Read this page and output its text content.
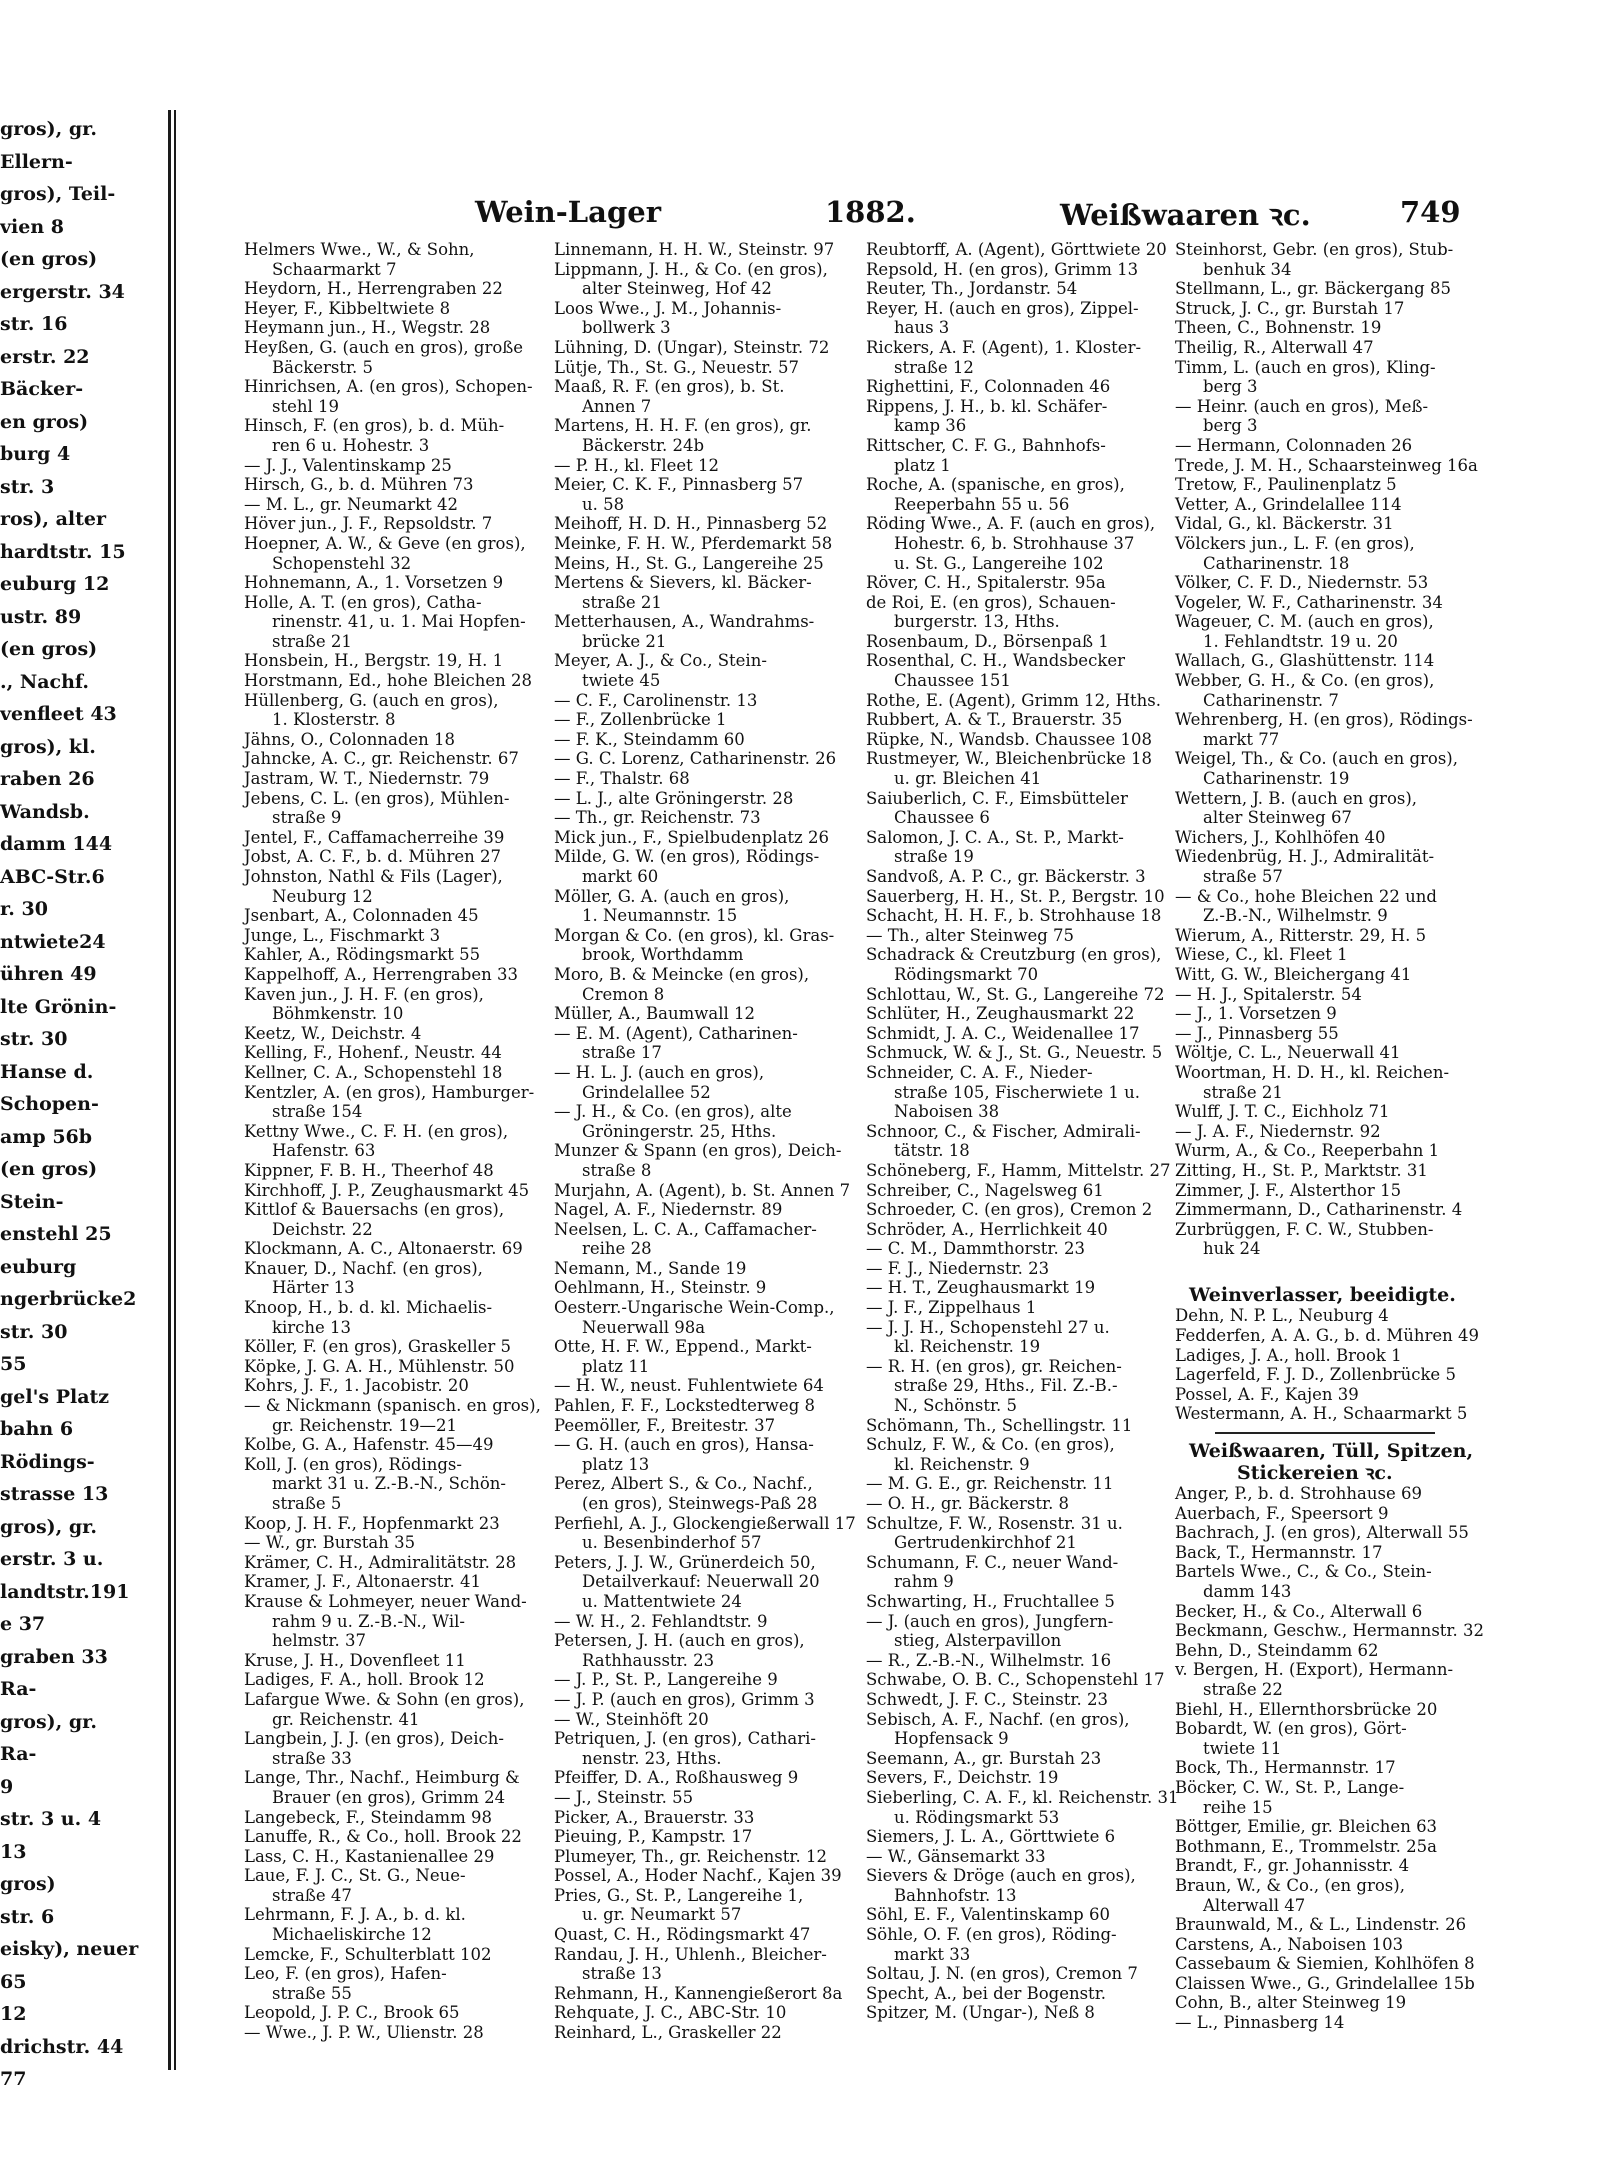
gros), gr.
Ellern-
gros), Teil-
vien 8
(en gros)
ergerstr. 34
str. 16
erstr. 22
Bäcker-
en gros)
burg 4
str. 3
ros), alter
hardtstr. 15
euburg 12
ustr. 89
(en gros)
., Nachf.
venfleet 43
gros), kl.
raben 26
Wandsb.
damm 144
ABC-Str.6
r. 30
ntwiete24
ühren 49
lte Grönin-
str. 30
Hanse d.
Schopen-
amp 56b
(en gros)
Stein-
enstehl 25
euburg
ngerbrücke2
str. 30
55
gel's Platz
bahn 6
Rödings-
strasse 13
gros), gr.
erstr. 3 u.
landtstr.191
e 37
graben 33
Ra-
gros), gr.
Ra-
9
str. 3 u. 4
13
gros)
str. 6
eisky), neuer
65
12
drichstr. 44
77
Wein-Lager	1882.	Weißwaaren ꝛc.	749
Helmers Wwe., W., & Sohn,
Schaarmarkt 7
Heydorn, H., Herrengraben 22
Heyer, F., Kibbeltwiete 8
Heymann jun., H., Wegstr. 28
Heyßen, G. (auch en gros), große
Bäckerstr. 5
Hinrichsen, A. (en gros), Schopen-
stehl 19
Hinsch, F. (en gros), b. d. Müh-
ren 6 u. Hohestr. 3
— J. J., Valentinskamp 25
Hirsch, G., b. d. Mühren 73
— M. L., gr. Neumarkt 42
Höver jun., J. F., Repsoldstr. 7
Hoepner, A. W., & Geve (en gros),
Schopenstehl 32
Hohnemann, A., 1. Vorsetzen 9
Holle, A. T. (en gros), Catha-
rinenstr. 41, u. 1. Mai Hopfen-
straße 21
Honsbein, H., Bergstr. 19, H. 1
Horstmann, Ed., hohe Bleichen 28
Hüllenberg, G. (auch en gros),
1. Klosterstr. 8
Jähns, O., Colonnaden 18
Jahncke, A. C., gr. Reichenstr. 67
Jastram, W. T., Niedernstr. 79
Jebens, C. L. (en gros), Mühlen-
straße 9
Jentel, F., Caffamacherreihe 39
Jobst, A. C. F., b. d. Mühren 27
Johnston, Nathl & Fils (Lager),
Neuburg 12
Jsenbart, A., Colonnaden 45
Junge, L., Fischmarkt 3
Kahler, A., Rödingsmarkt 55
Kappelhoff, A., Herrengraben 33
Kaven jun., J. H. F. (en gros),
Böhmkenstr. 10
Keetz, W., Deichstr. 4
Kelling, F., Hohenf., Neustr. 44
Kellner, C. A., Schopenstehl 18
Kentzler, A. (en gros), Hamburger-
straße 154
Kettny Wwe., C. F. H. (en gros),
Hafenstr. 63
Kippner, F. B. H., Theerhof 48
Kirchhoff, J. P., Zeughausmarkt 45
Kittlof & Bauersachs (en gros),
Deichstr. 22
Klockmann, A. C., Altonaerstr. 69
Knauer, D., Nachf. (en gros),
Härter 13
Knoop, H., b. d. kl. Michaelis-
kirche 13
Köller, F. (en gros), Graskeller 5
Köpke, J. G. A. H., Mühlenstr. 50
Kohrs, J. F., 1. Jacobistr. 20
— & Nickmann (spanisch. en gros),
gr. Reichenstr. 19—21
Kolbe, G. A., Hafenstr. 45—49
Koll, J. (en gros), Rödings-
markt 31 u. Z.-B.-N., Schön-
straße 5
Koop, J. H. F., Hopfenmarkt 23
— W., gr. Burstah 35
Krämer, C. H., Admiralitätstr. 28
Kramer, J. F., Altonaerstr. 41
Krause & Lohmeyer, neuer Wand-
rahm 9 u. Z.-B.-N., Wil-
helmstr. 37
Kruse, J. H., Dovenfleet 11
Ladiges, F. A., holl. Brook 12
Lafargue Wwe. & Sohn (en gros),
gr. Reichenstr. 41
Langbein, J. J. (en gros), Deich-
straße 33
Lange, Thr., Nachf., Heimburg &
Brauer (en gros), Grimm 24
Langebeck, F., Steindamm 98
Lanuffe, R., & Co., holl. Brook 22
Lass, C. H., Kastanienallee 29
Laue, F. J. C., St. G., Neue-
straße 47
Lehrmann, F. J. A., b. d. kl.
Michaeliskirche 12
Lemcke, F., Schulterblatt 102
Leo, F. (en gros), Hafen-
straße 55
Leopold, J. P. C., Brook 65
— Wwe., J. P. W., Ulienstr. 28
Linnemann, H. H. W., Steinstr. 97
Lippmann, J. H., & Co. (en gros),
alter Steinweg, Hof 42
Loos Wwe., J. M., Johannis-
bollwerk 3
Lühning, D. (Ungar), Steinstr. 72
Lütje, Th., St. G., Neuestr. 57
Maaß, R. F. (en gros), b. St.
Annen 7
Martens, H. H. F. (en gros), gr.
Bäckerstr. 24b
— P. H., kl. Fleet 12
Meier, C. K. F., Pinnasberg 57
u. 58
Meihoff, H. D. H., Pinnasberg 52
Meinke, F. H. W., Pferdemarkt 58
Meins, H., St. G., Langereihe 25
Mertens & Sievers, kl. Bäcker-
straße 21
Metterhausen, A., Wandrahms-
brücke 21
Meyer, A. J., & Co., Stein-
twiete 45
— C. F., Carolinenstr. 13
— F., Zollenbrücke 1
— F. K., Steindamm 60
— G. C. Lorenz, Catharinenstr. 26
— F., Thalstr. 68
— L. J., alte Gröningerstr. 28
— Th., gr. Reichenstr. 73
Mick jun., F., Spielbudenplatz 26
Milde, G. W. (en gros), Rödings-
markt 60
Möller, G. A. (auch en gros),
1. Neumannstr. 15
Morgan & Co. (en gros), kl. Gras-
brook, Worthdamm
Moro, B. & Meincke (en gros),
Cremon 8
Müller, A., Baumwall 12
— E. M. (Agent), Catharinen-
straße 17
— H. L. J. (auch en gros),
Grindelallee 52
— J. H., & Co. (en gros), alte
Gröningerstr. 25, Hths.
Munzer & Spann (en gros), Deich-
straße 8
Murjahn, A. (Agent), b. St. Annen 7
Nagel, A. F., Niedernstr. 89
Neelsen, L. C. A., Caffamacher-
reihe 28
Nemann, M., Sande 19
Oehlmann, H., Steinstr. 9
Oesterr.-Ungarische Wein-Comp.,
Neuerwall 98a
Otte, H. F. W., Eppend., Markt-
platz 11
— H. W., neust. Fuhlentwiete 64
Pahlen, F. F., Lockstedterweg 8
Peemöller, F., Breitestr. 37
— G. H. (auch en gros), Hansa-
platz 13
Perez, Albert S., & Co., Nachf.,
(en gros), Steinwegs-Paß 28
Perfiehl, A. J., Glockengießerwall 17
u. Besenbinderhof 57
Peters, J. J. W., Grünerdeich 50,
Detailverkauf: Neuerwall 20
u. Mattentwiete 24
— W. H., 2. Fehlandtstr. 9
Petersen, J. H. (auch en gros),
Rathhausstr. 23
— J. P., St. P., Langereihe 9
— J. P. (auch en gros), Grimm 3
— W., Steinhöft 20
Petriquen, J. (en gros), Cathari-
nenstr. 23, Hths.
Pfeiffer, D. A., Roßhausweg 9
— J., Steinstr. 55
Picker, A., Brauerstr. 33
Pieuing, P., Kampstr. 17
Plumeyer, Th., gr. Reichenstr. 12
Possel, A., Hoder Nachf., Kajen 39
Pries, G., St. P., Langereihe 1,
u. gr. Neumarkt 57
Quast, C. H., Rödingsmarkt 47
Randau, J. H., Uhlenh., Bleicher-
straße 13
Rehmann, H., Kannengießerort 8a
Rehquate, J. C., ABC-Str. 10
Reinhard, L., Graskeller 22
Reubtorff, A. (Agent), Görttwiete 20
Repsold, H. (en gros), Grimm 13
Reuter, Th., Jordanstr. 54
Reyer, H. (auch en gros), Zippel-
haus 3
Rickers, A. F. (Agent), 1. Kloster-
straße 12
Righettini, F., Colonnaden 46
Rippens, J. H., b. kl. Schäfer-
kamp 36
Rittscher, C. F. G., Bahnhofs-
platz 1
Roche, A. (spanische, en gros),
Reeperbahn 55 u. 56
Röding Wwe., A. F. (auch en gros),
Hohestr. 6, b. Strohhause 37
u. St. G., Langereihe 102
Röver, C. H., Spitalerstr. 95a
de Roi, E. (en gros), Schauen-
burgerstr. 13, Hths.
Rosenbaum, D., Börsenpaß 1
Rosenthal, C. H., Wandsbecker
Chaussee 151
Rothe, E. (Agent), Grimm 12, Hths.
Rubbert, A. & T., Brauerstr. 35
Rüpke, N., Wandsb. Chaussee 108
Rustmeyer, W., Bleichenbrücke 18
u. gr. Bleichen 41
Saiuberlich, C. F., Eimsbütteler
Chaussee 6
Salomon, J. C. A., St. P., Markt-
straße 19
Sandvoß, A. P. C., gr. Bäckerstr. 3
Sauerberg, H. H., St. P., Bergstr. 10
Schacht, H. H. F., b. Strohhause 18
— Th., alter Steinweg 75
Schadrack & Creutzburg (en gros),
Rödingsmarkt 70
Schlottau, W., St. G., Langereihe 72
Schlüter, H., Zeughausmarkt 22
Schmidt, J. A. C., Weidenallee 17
Schmuck, W. & J., St. G., Neuestr. 5
Schneider, C. A. F., Nieder-
straße 105, Fischerwiete 1 u.
Naboisen 38
Schnoor, C., & Fischer, Admirali-
tätstr. 18
Schöneberg, F., Hamm, Mittelstr. 27
Schreiber, C., Nagelsweg 61
Schroeder, C. (en gros), Cremon 2
Schröder, A., Herrlichkeit 40
— C. M., Dammthorstr. 23
— F. J., Niedernstr. 23
— H. T., Zeughausmarkt 19
— J. F., Zippelhaus 1
— J. J. H., Schopenstehl 27 u.
kl. Reichenstr. 19
— R. H. (en gros), gr. Reichen-
straße 29, Hths., Fil. Z.-B.-
N., Schönstr. 5
Schömann, Th., Schellingstr. 11
Schulz, F. W., & Co. (en gros),
kl. Reichenstr. 9
— M. G. E., gr. Reichenstr. 11
— O. H., gr. Bäckerstr. 8
Schultze, F. W., Rosenstr. 31 u.
Gertrudenkirchhof 21
Schumann, F. C., neuer Wand-
rahm 9
Schwarting, H., Fruchtallee 5
— J. (auch en gros), Jungfern-
stieg, Alsterpavillon
— R., Z.-B.-N., Wilhelmstr. 16
Schwabe, O. B. C., Schopenstehl 17
Schwedt, J. F. C., Steinstr. 23
Sebisch, A. F., Nachf. (en gros),
Hopfensack 9
Seemann, A., gr. Burstah 23
Severs, F., Deichstr. 19
Sieberling, C. A. F., kl. Reichenstr. 31
u. Rödingsmarkt 53
Siemers, J. L. A., Görttwiete 6
— W., Gänsemarkt 33
Sievers & Dröge (auch en gros),
Bahnhofstr. 13
Söhl, E. F., Valentinskamp 60
Söhle, O. F. (en gros), Röding-
markt 33
Soltau, J. N. (en gros), Cremon 7
Specht, A., bei der Bogenstr.
Spitzer, M. (Ungar-), Neß 8
Steinhorst, Gebr. (en gros), Stub-
benhuk 34
Stellmann, L., gr. Bäckergang 85
Struck, J. C., gr. Burstah 17
Theen, C., Bohnenstr. 19
Theilig, R., Alterwall 47
Timm, L. (auch en gros), Kling-
berg 3
— Heinr. (auch en gros), Meß-
berg 3
— Hermann, Colonnaden 26
Trede, J. M. H., Schaarsteinweg 16a
Tretow, F., Paulinenplatz 5
Vetter, A., Grindelallee 114
Vidal, G., kl. Bäckerstr. 31
Völckers jun., L. F. (en gros),
Catharinenstr. 18
Völker, C. F. D., Niedernstr. 53
Vogeler, W. F., Catharinenstr. 34
Wageuer, C. M. (auch en gros),
1. Fehlandtstr. 19 u. 20
Wallach, G., Glashüttenstr. 114
Webber, G. H., & Co. (en gros),
Catharinenstr. 7
Wehrenberg, H. (en gros), Rödings-
markt 77
Weigel, Th., & Co. (auch en gros),
Catharinenstr. 19
Wettern, J. B. (auch en gros),
alter Steinweg 67
Wichers, J., Kohlhöfen 40
Wiedenbrüg, H. J., Admiralität-
straße 57
— & Co., hohe Bleichen 22 und
Z.-B.-N., Wilhelmstr. 9
Wierum, A., Ritterstr. 29, H. 5
Wiese, C., kl. Fleet 1
Witt, G. W., Bleichergang 41
— H. J., Spitalerstr. 54
— J., 1. Vorsetzen 9
— J., Pinnasberg 55
Wöltje, C. L., Neuerwall 41
Woortman, H. D. H., kl. Reichen-
straße 21
Wulff, J. T. C., Eichholz 71
— J. A. F., Niedernstr. 92
Wurm, A., & Co., Reeperbahn 1
Zitting, H., St. P., Marktstr. 31
Zimmer, J. F., Alsterthor 15
Zimmermann, D., Catharinenstr. 4
Zurbrüggen, F. C. W., Stubben-
huk 24
Weinverlasser, beeidigte.
Dehn, N. P. L., Neuburg 4
Fedderfen, A. A. G., b. d. Mühren 49
Ladiges, J. A., holl. Brook 1
Lagerfeld, F. J. D., Zollenbrücke 5
Possel, A. F., Kajen 39
Westermann, A. H., Schaarmarkt 5
Weißwaaren, Tüll, Spitzen,
Stickereien ꝛc.
Anger, P., b. d. Strohhause 69
Auerbach, F., Speersort 9
Bachrach, J. (en gros), Alterwall 55
Back, T., Hermannstr. 17
Bartels Wwe., C., & Co., Stein-
damm 143
Becker, H., & Co., Alterwall 6
Beckmann, Geschw., Hermannstr. 32
Behn, D., Steindamm 62
v. Bergen, H. (Export), Hermann-
straße 22
Biehl, H., Ellernthorsbrücke 20
Bobardt, W. (en gros), Gört-
twiete 11
Bock, Th., Hermannstr. 17
Böcker, C. W., St. P., Lange-
reihe 15
Böttger, Emilie, gr. Bleichen 63
Bothmann, E., Trommelstr. 25a
Brandt, F., gr. Johannisstr. 4
Braun, W., & Co., (en gros),
Alterwall 47
Braunwald, M., & L., Lindenstr. 26
Carstens, A., Naboisen 103
Cassebaum & Siemien, Kohlhöfen 8
Claissen Wwe., G., Grindelallee 15b
Cohn, B., alter Steinweg 19
— L., Pinnasberg 14
